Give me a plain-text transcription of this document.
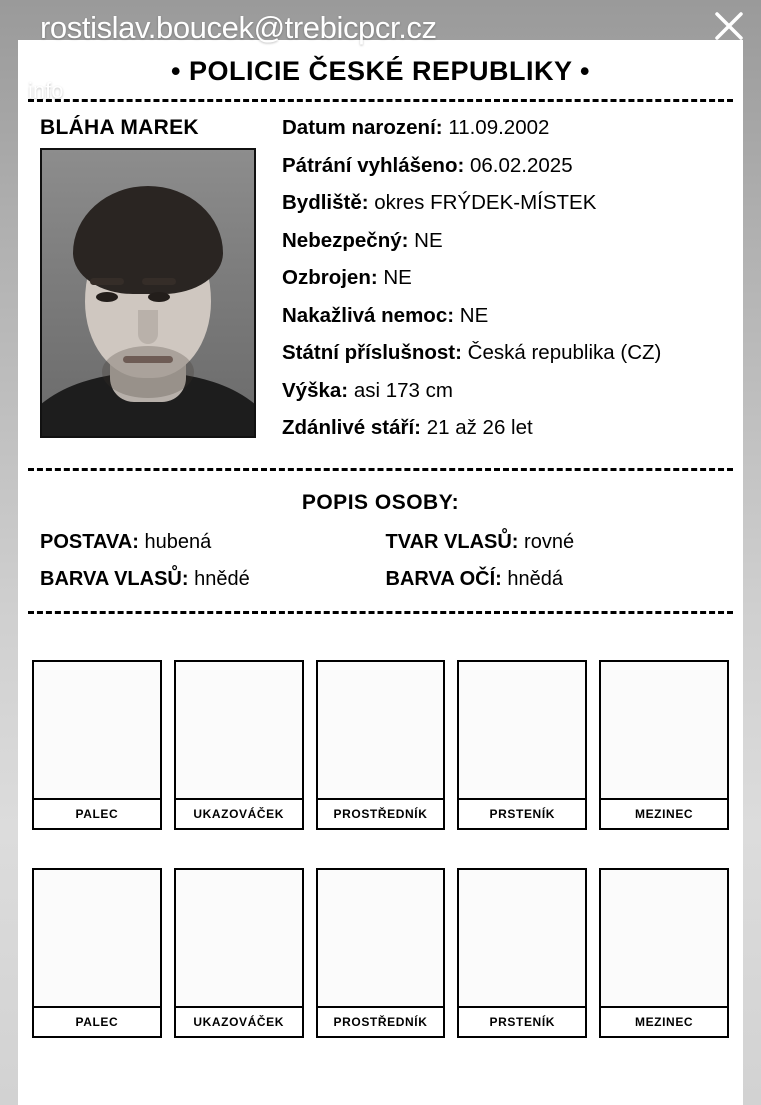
• POLICIE ČESKÉ REPUBLIKY •
BLÁHA MAREK	Datum narození: 11.09.2002
Pátrání vyhlášeno: 06.02.2025
Bydliště: okres FRÝDEK-MÍSTEK
Nebezpečný: NE
Ozbrojen: NE
Nakažlivá nemoc: NE
Státní příslušnost: Česká republika (CZ)
Výška: asi 173 cm
Zdánlivé stáří: 21 až 26 let
POPIS OSOBY:
POSTAVA: hubená	TVAR VLASŮ: rovné
BARVA VLASŮ: hnědé	BARVA OČÍ: hnědá
PALEC	UKAZOVÁČEK	PROSTŘEDNÍK	PRSTENÍK	MEZINEC
PALEC	UKAZOVÁČEK	PROSTŘEDNÍK	PRSTENÍK	MEZINEC
rostislav.boucek@trebicpcr.cz
info
